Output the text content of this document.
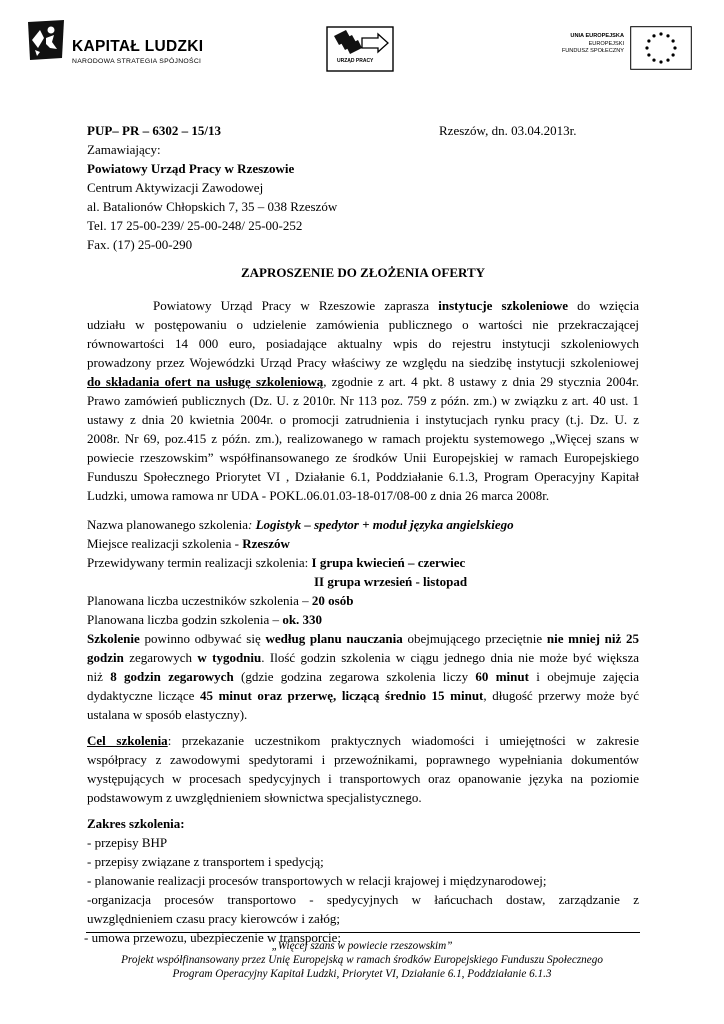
KAPITAŁ LUDZKI
NARODOWA STRATEGIA SPÓJNOŚCI	URZĄD PRACY
UNIA EUROPEJSKA
EUROPEJSKI
FUNDUSZ SPOŁECZNY
PUP– PR – 6302 – 15/13	Rzeszów, dn. 03.04.2013r.
Zamawiający:
Powiatowy Urząd Pracy w Rzeszowie
Centrum Aktywizacji Zawodowej
al. Batalionów Chłopskich 7, 35 – 038 Rzeszów
Tel. 17 25-00-239/ 25-00-248/ 25-00-252
Fax. (17) 25-00-290
ZAPROSZENIE DO ZŁOŻENIA OFERTY
Powiatowy Urząd Pracy w Rzeszowie zaprasza instytucje szkoleniowe do wzięcia
udziału w postępowaniu o udzielenie zamówienia publicznego o wartości nie przekraczającej
równowartości 14 000 euro, posiadające aktualny wpis do rejestru instytucji szkoleniowych
prowadzony przez Wojewódzki Urząd Pracy właściwy ze względu na siedzibę instytucji szkoleniowej
do składania ofert na usługę szkoleniową, zgodnie z art. 4 pkt. 8 ustawy z dnia 29 stycznia 2004r.
Prawo zamówień publicznych (Dz. U. z 2010r. Nr 113 poz. 759 z późn. zm.) w związku z art. 40 ust. 1
ustawy z dnia 20 kwietnia 2004r. o promocji zatrudnienia i instytucjach rynku pracy (t.j. Dz. U. z
2008r. Nr 69, poz.415 z późn. zm.), realizowanego w ramach projektu systemowego „Więcej szans w
powiecie rzeszowskim” współfinansowanego ze środków Unii Europejskiej w ramach Europejskiego
Funduszu Społecznego Priorytet VI , Działanie 6.1, Poddziałanie 6.1.3, Program Operacyjny Kapitał
Ludzki, umowa ramowa nr UDA - POKL.06.01.03-18-017/08-00 z dnia 26 marca 2008r.
Nazwa planowanego szkolenia: Logistyk – spedytor + moduł języka angielskiego
Miejsce realizacji szkolenia - Rzeszów
Przewidywany termin realizacji szkolenia: I grupa kwiecień – czerwiec
II grupa wrzesień - listopad
Planowana liczba uczestników szkolenia – 20 osób
Planowana liczba godzin szkolenia – ok. 330
Szkolenie powinno odbywać się według planu nauczania obejmującego przeciętnie nie mniej niż 25
godzin zegarowych w tygodniu. Ilość godzin szkolenia w ciągu jednego dnia nie może być większa
niż 8 godzin zegarowych (gdzie godzina zegarowa szkolenia liczy 60 minut i obejmuje zajęcia
dydaktyczne liczące 45 minut oraz przerwę, liczącą średnio 15 minut, długość przerwy może być
ustalana w sposób elastyczny).
Cel szkolenia: przekazanie uczestnikom praktycznych wiadomości i umiejętności w zakresie
współpracy z zawodowymi spedytorami i przewoźnikami, poprawnego wypełniania dokumentów
występujących w procesach spedycyjnych i transportowych oraz opanowanie języka na poziomie
podstawowym z uwzględnieniem słownictwa specjalistycznego.
Zakres szkolenia:
- przepisy BHP
- przepisy związane z transportem i spedycją;
- planowanie realizacji procesów transportowych w relacji krajowej i międzynarodowej;
-organizacja procesów transportowo - spedycyjnych w łańcuchach dostaw, zarządzanie z
uwzględnieniem czasu pracy kierowców i załóg;
- umowa przewozu, ubezpieczenie w transporcie;
„Więcej szans w powiecie rzeszowskim”
Projekt współfinansowany przez Unię Europejską w ramach środków Europejskiego Funduszu Społecznego
Program Operacyjny Kapitał Ludzki, Priorytet VI, Działanie 6.1, Poddziałanie 6.1.3
